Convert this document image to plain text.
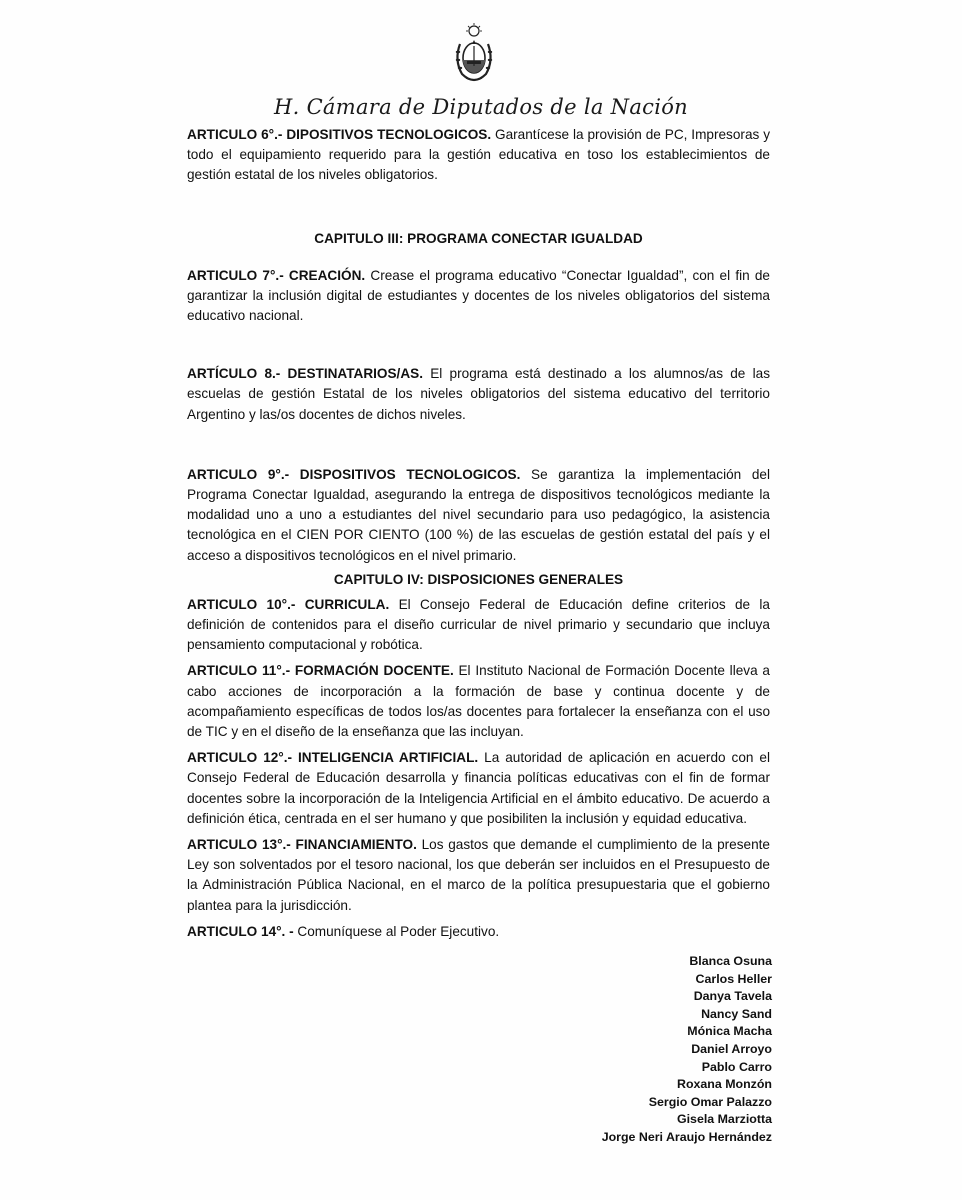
H. Cámara de Diputados de la Nación

ARTICULO 6°.- DIPOSITIVOS TECNOLOGICOS. Garantícese la provisión de PC, Impresoras y todo el equipamiento requerido para la gestión educativa en toso los establecimientos de gestión estatal de los niveles obligatorios.

CAPITULO III: PROGRAMA CONECTAR IGUALDAD

ARTICULO 7°.- CREACIÓN. Crease el programa educativo “Conectar Igualdad”, con el fin de garantizar la inclusión digital de estudiantes y docentes de los niveles obligatorios del sistema educativo nacional.

ARTÍCULO 8.- DESTINATARIOS/AS. El programa está destinado a los alumnos/as de las escuelas de gestión Estatal de los niveles obligatorios del sistema educativo del territorio Argentino y las/os docentes de dichos niveles.

ARTICULO 9°.- DISPOSITIVOS TECNOLOGICOS. Se garantiza la implementación del Programa Conectar Igualdad, asegurando la entrega de dispositivos tecnológicos mediante la modalidad uno a uno a estudiantes del nivel secundario para uso pedagógico, la asistencia tecnológica en el CIEN POR CIENTO (100 %) de las escuelas de gestión estatal del país y el acceso a dispositivos tecnológicos en el nivel primario.

CAPITULO IV: DISPOSICIONES GENERALES

ARTICULO 10°.- CURRICULA. El Consejo Federal de Educación define criterios de la definición de contenidos para el diseño curricular de nivel primario y secundario que incluya pensamiento computacional y robótica.

ARTICULO 11°.- FORMACIÓN DOCENTE. El Instituto Nacional de Formación Docente lleva a cabo acciones de incorporación a la formación de base y continua docente y de acompañamiento específicas de todos los/as docentes para fortalecer la enseñanza con el uso de TIC y en el diseño de la enseñanza que las incluyan.

ARTICULO 12°.- INTELIGENCIA ARTIFICIAL. La autoridad de aplicación en acuerdo con el Consejo Federal de Educación desarrolla y financia políticas educativas con el fin de formar docentes sobre la incorporación de la Inteligencia Artificial en el ámbito educativo. De acuerdo a definición ética, centrada en el ser humano y que posibiliten la inclusión y equidad educativa.

ARTICULO 13°.- FINANCIAMIENTO. Los gastos que demande el cumplimiento de la presente Ley son solventados por el tesoro nacional, los que deberán ser incluidos en el Presupuesto de la Administración Pública Nacional, en el marco de la política presupuestaria que el gobierno plantea para la jurisdicción.

ARTICULO 14°. - Comuníquese al Poder Ejecutivo.

Blanca Osuna
Carlos Heller
Danya Tavela
Nancy Sand
Mónica Macha
Daniel Arroyo
Pablo Carro
Roxana Monzón
Sergio Omar Palazzo
Gisela Marziotta
Jorge Neri Araujo Hernández
